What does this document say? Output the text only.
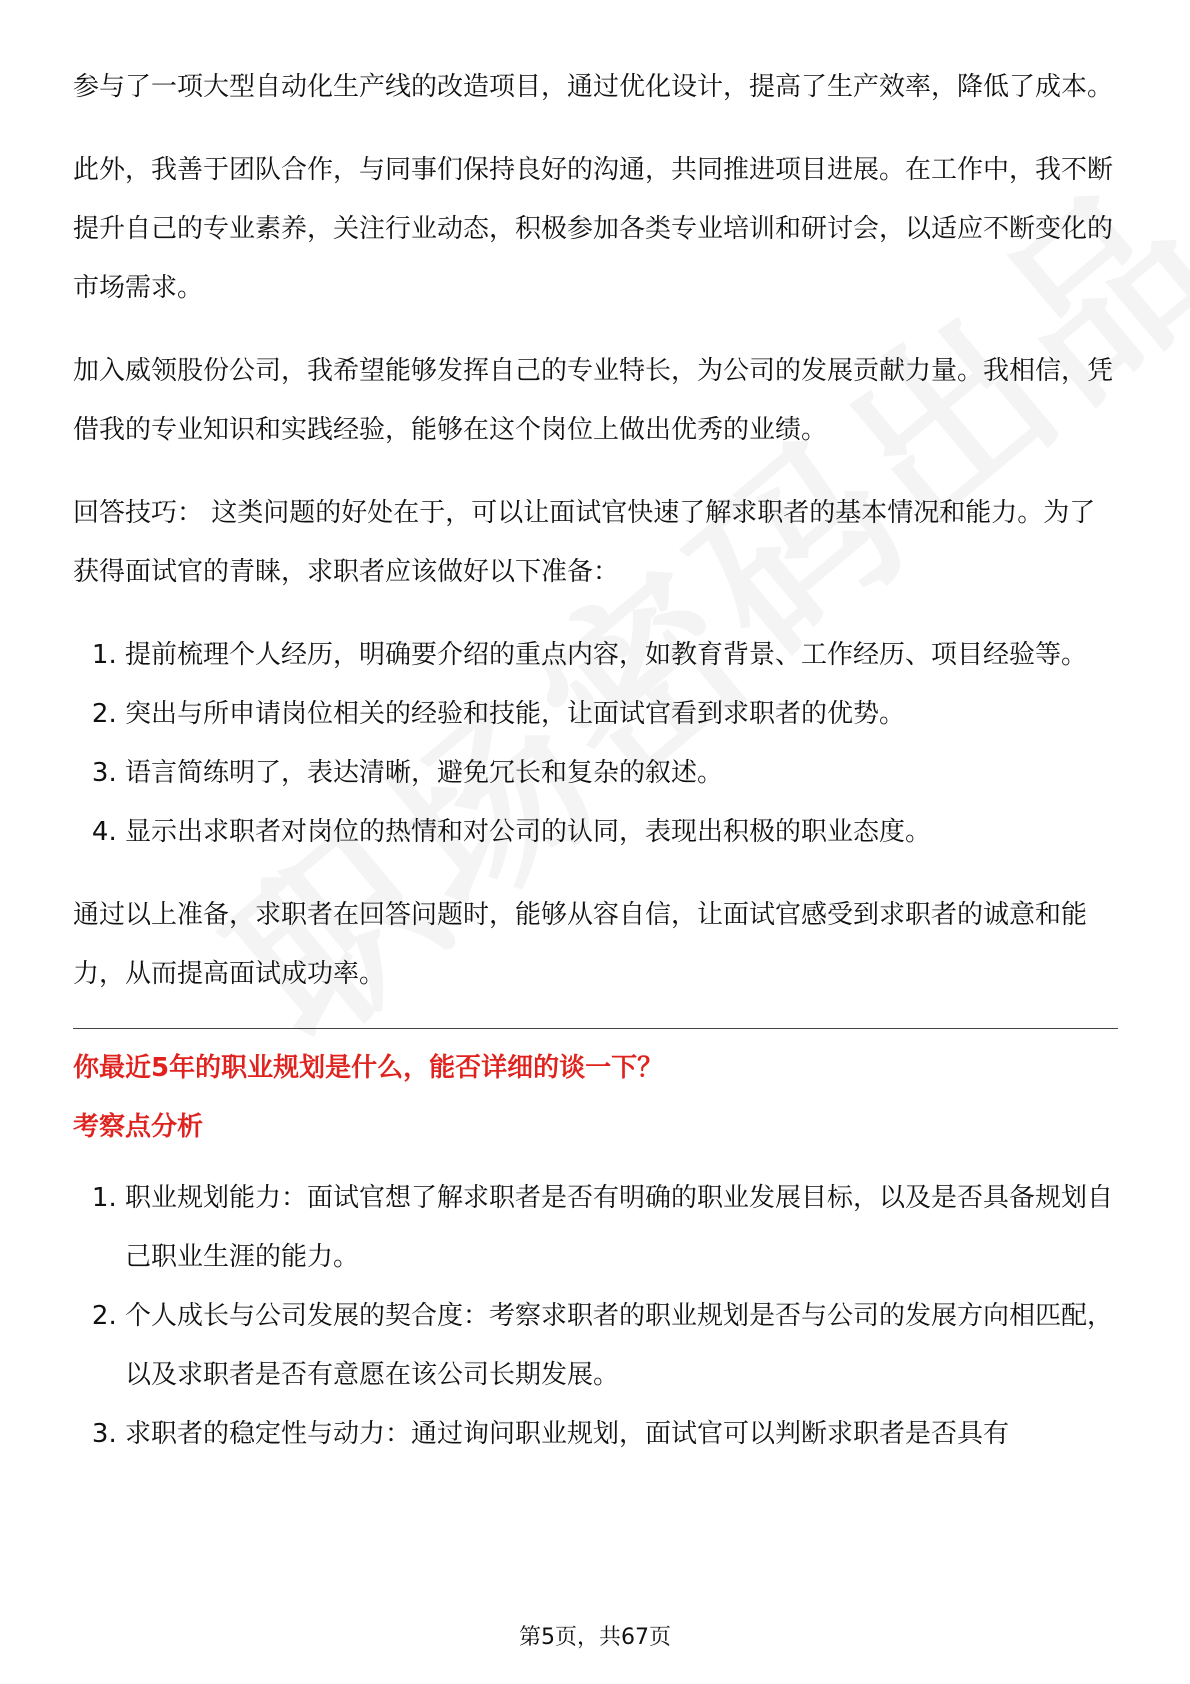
参与了一项大型自动化生产线的改造项目，通过优化设计，提高了生产效率，降低了成本。

此外，我善于团队合作，与同事们保持良好的沟通，共同推进项目进展。在工作中，我不断提升自己的专业素养，关注行业动态，积极参加各类专业培训和研讨会，以适应不断变化的市场需求。

加入威领股份公司，我希望能够发挥自己的专业特长，为公司的发展贡献力量。我相信，凭借我的专业知识和实践经验，能够在这个岗位上做出优秀的业绩。

回答技巧： 这类问题的好处在于，可以让面试官快速了解求职者的基本情况和能力。为了获得面试官的青睐，求职者应该做好以下准备：

1. 提前梳理个人经历，明确要介绍的重点内容，如教育背景、工作经历、项目经验等。
2. 突出与所申请岗位相关的经验和技能，让面试官看到求职者的优势。
3. 语言简练明了，表达清晰，避免冗长和复杂的叙述。
4. 显示出求职者对岗位的热情和对公司的认同，表现出积极的职业态度。

通过以上准备，求职者在回答问题时，能够从容自信，让面试官感受到求职者的诚意和能力，从而提高面试成功率。

你最近5年的职业规划是什么，能否详细的谈一下？
考察点分析
1. 职业规划能力：面试官想了解求职者是否有明确的职业发展目标，以及是否具备规划自己职业生涯的能力。
2. 个人成长与公司发展的契合度：考察求职者的职业规划是否与公司的发展方向相匹配，以及求职者是否有意愿在该公司长期发展。
3. 求职者的稳定性与动力：通过询问职业规划，面试官可以判断求职者是否具有
第5页，共67页
